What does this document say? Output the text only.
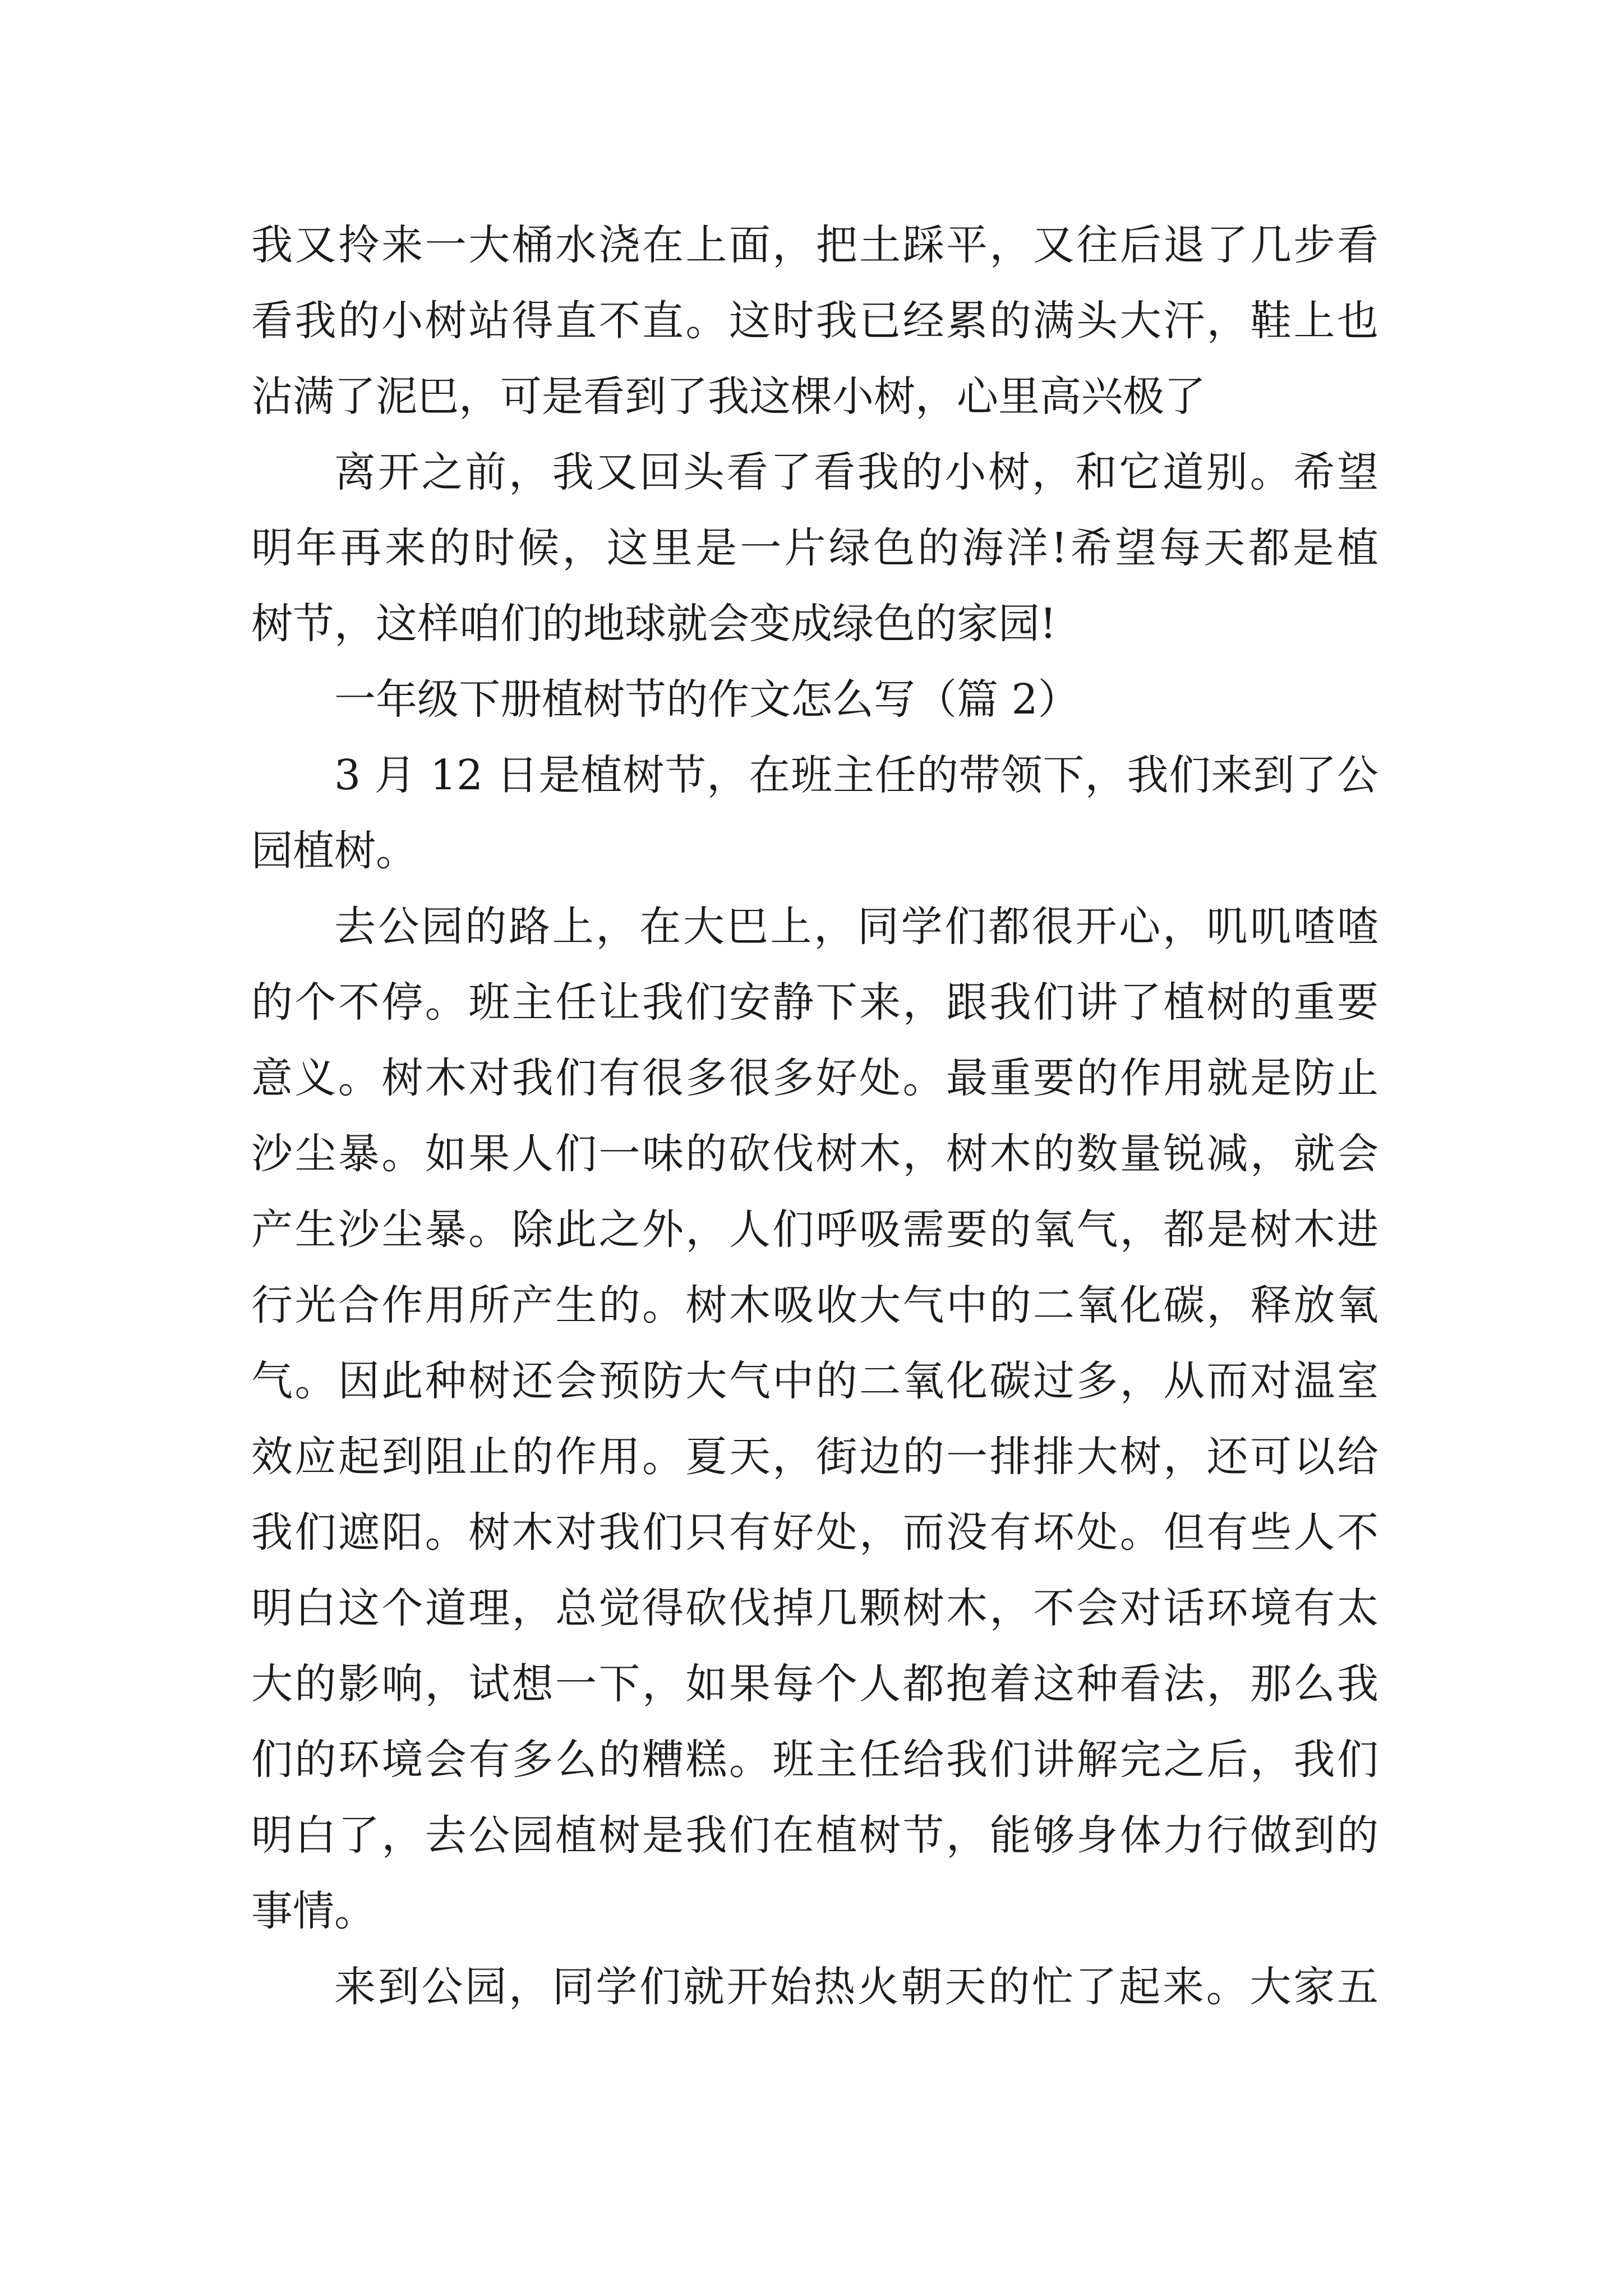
我又拎来一大桶水浇在上面，把土踩平，又往后退了几步看
看我的小树站得直不直。这时我已经累的满头大汗，鞋上也
沾满了泥巴，可是看到了我这棵小树，心里高兴极了
离开之前，我又回头看了看我的小树，和它道别。希望
明年再来的时候，这里是一片绿色的海洋!希望每天都是植
树节，这样咱们的地球就会变成绿色的家园!
一年级下册植树节的作文怎么写（篇 2）
3 月 12 日是植树节，在班主任的带领下，我们来到了公
园植树。
去公园的路上，在大巴上，同学们都很开心，叽叽喳喳
的个不停。班主任让我们安静下来，跟我们讲了植树的重要
意义。树木对我们有很多很多好处。最重要的作用就是防止
沙尘暴。如果人们一味的砍伐树木，树木的数量锐减，就会
产生沙尘暴。除此之外，人们呼吸需要的氧气，都是树木进
行光合作用所产生的。树木吸收大气中的二氧化碳，释放氧
气。因此种树还会预防大气中的二氧化碳过多，从而对温室
效应起到阻止的作用。夏天，街边的一排排大树，还可以给
我们遮阳。树木对我们只有好处，而没有坏处。但有些人不
明白这个道理，总觉得砍伐掉几颗树木，不会对话环境有太
大的影响，试想一下，如果每个人都抱着这种看法，那么我
们的环境会有多么的糟糕。班主任给我们讲解完之后，我们
明白了，去公园植树是我们在植树节，能够身体力行做到的
事情。
来到公园，同学们就开始热火朝天的忙了起来。大家五
